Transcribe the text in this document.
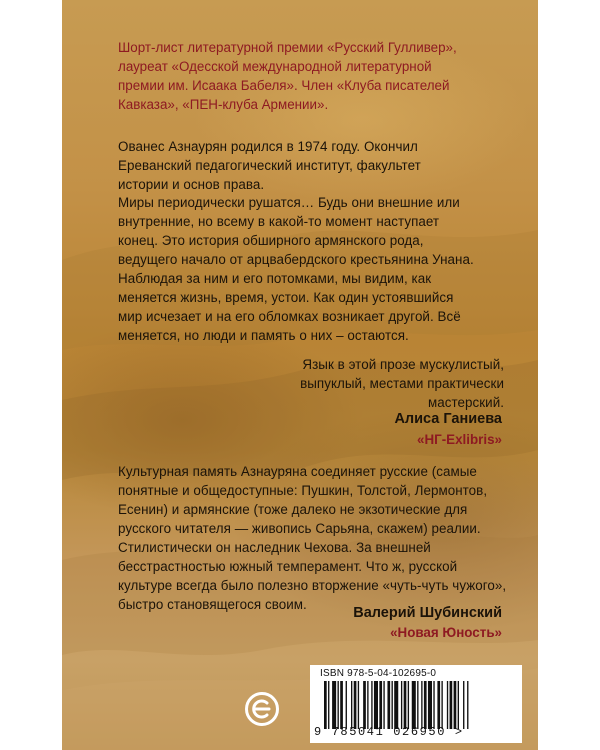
Шорт-лист литературной премии «Русский Гулливер»,
лауреат «Одесской международной литературной
премии им. Исаака Бабеля». Член «Клуба писателей
Кавказа», «ПЕН-клуба Армении».
Ованес Азнаурян родился в 1974 году. Окончил
Ереванский педагогический институт, факультет
истории и основ права.
Миры периодически рушатся… Будь они внешние или
внутренние, но всему в какой-то момент наступает
конец. Это история обширного армянского рода,
ведущего начало от арцвабердского крестьянина Унана.
Наблюдая за ним и его потомками, мы видим, как
меняется жизнь, время, устои. Как один устоявшийся
мир исчезает и на его обломках возникает другой. Всё
меняется, но люди и память о них – остаются.
Язык в этой прозе мускулистый,
выпуклый, местами практически
мастерский.
Алиса Ганиева
«НГ-Exlibris»
Культурная память Азнауряна соединяет русские (самые
понятные и общедоступные: Пушкин, Толстой, Лермонтов,
Есенин) и армянские (тоже далеко не экзотические для
русского читателя — живопись Сарьяна, скажем) реалии.
Стилистически он наследник Чехова. За внешней
бесстрастностью южный темперамент. Что ж, русской
культуре всегда было полезно вторжение «чуть-чуть чужого»,
быстро становящегося своим.
Валерий Шубинский
«Новая Юность»
ISBN 978-5-04-102695-0
9 785041 026950 >
